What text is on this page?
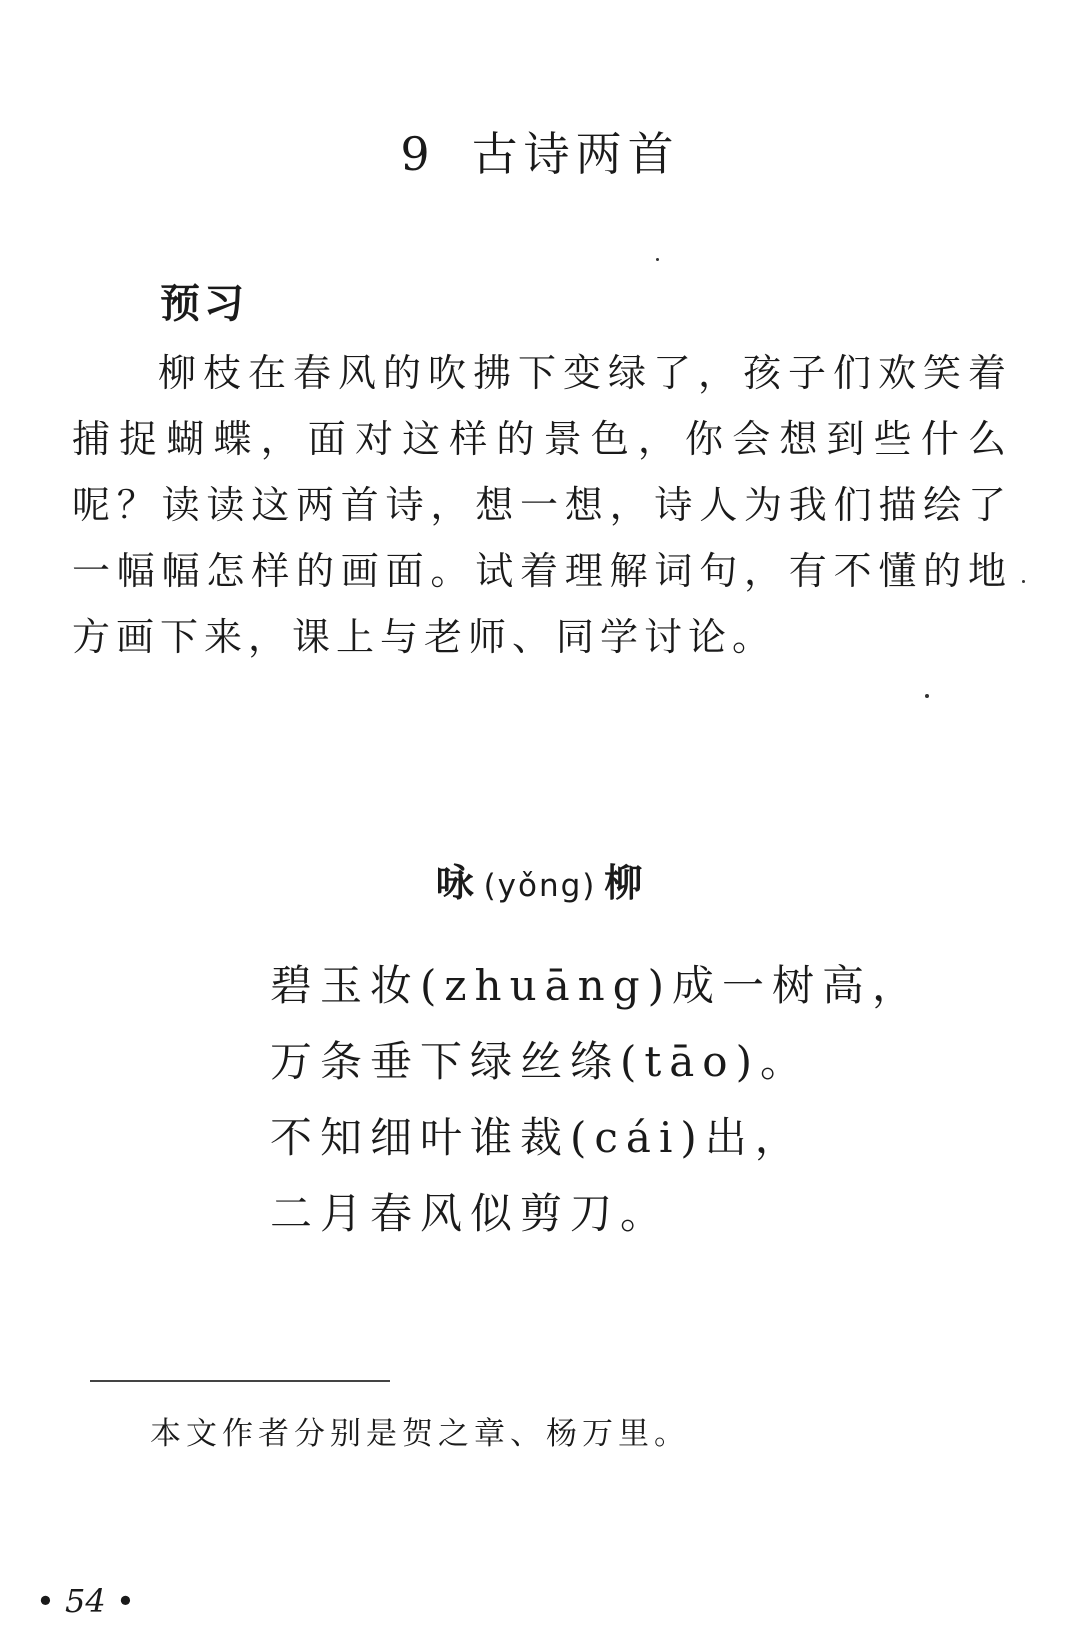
9 古诗两首
预习

柳枝在春风的吹拂下变绿了，孩子们欢笑着捕捉蝴蝶，面对这样的景色，你会想到些什么呢？读读这两首诗，想一想，诗人为我们描绘了一幅幅怎样的画面。试着理解词句，有不懂的地方画下来，课上与老师、同学讨论。

咏 (yǒng) 柳
碧玉妆(zhuāng)成一树高，
万条垂下绿丝绦(tāo)。
不知细叶谁裁(cái)出，
二月春风似剪刀。
本文作者分别是贺之章、杨万里。
• 54 •
